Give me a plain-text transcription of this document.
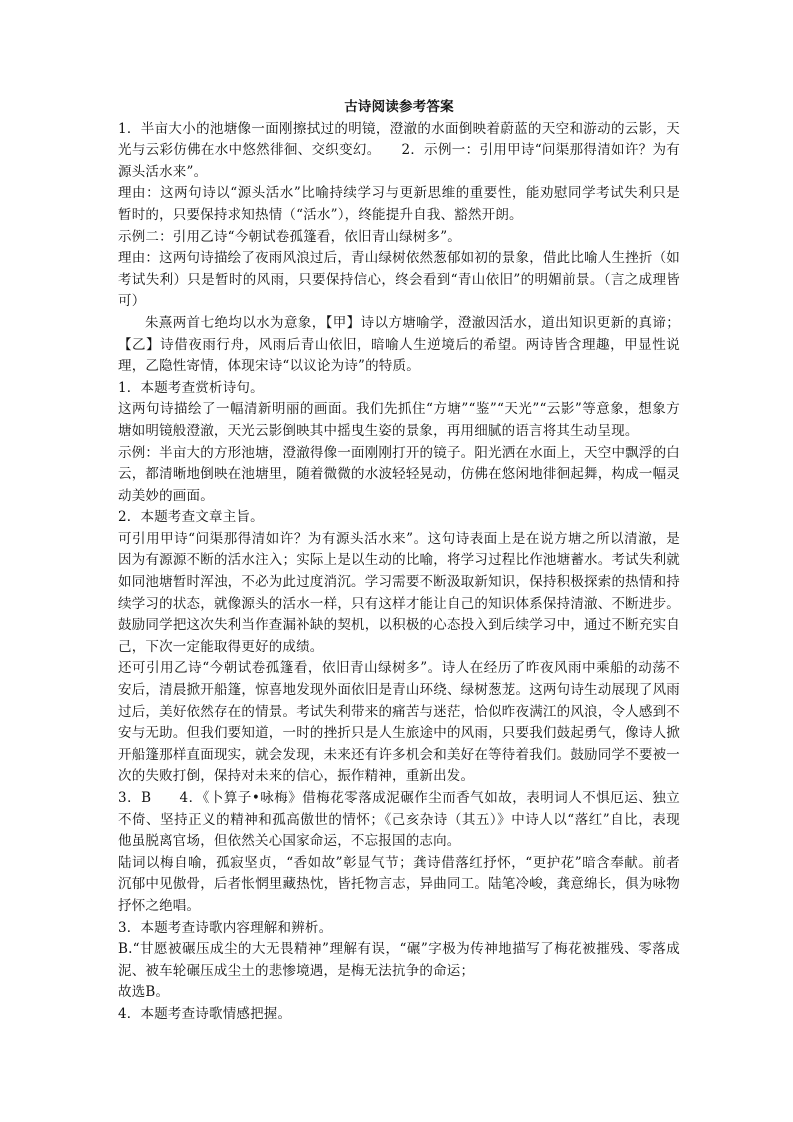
古诗阅读参考答案

1．半亩大小的池塘像一面刚擦拭过的明镜，澄澈的水面倒映着蔚蓝的天空和游动的云影，天光与云彩仿佛在水中悠然徘徊、交织变幻。　　2．示例一：引用甲诗“问渠那得清如许？为有源头活水来”。

理由：这两句诗以“源头活水”比喻持续学习与更新思维的重要性，能劝慰同学考试失利只是暂时的，只要保持求知热情（“活水”），终能提升自我、豁然开朗。

示例二：引用乙诗“今朝试卷孤篷看，依旧青山绿树多”。

理由：这两句诗描绘了夜雨风浪过后，青山绿树依然葱郁如初的景象，借此比喻人生挫折（如考试失利）只是暂时的风雨，只要保持信心，终会看到“青山依旧”的明媚前景。（言之成理皆可）

朱熹两首七绝均以水为意象，【甲】诗以方塘喻学，澄澈因活水，道出知识更新的真谛；【乙】诗借夜雨行舟，风雨后青山依旧，暗喻人生逆境后的希望。两诗皆含理趣，甲显性说理，乙隐性寄情，体现宋诗“以议论为诗”的特质。

1．本题考查赏析诗句。

这两句诗描绘了一幅清新明丽的画面。我们先抓住“方塘”“鉴”“天光”“云影”等意象，想象方塘如明镜般澄澈，天光云影倒映其中摇曳生姿的景象，再用细腻的语言将其生动呈现。

示例：半亩大的方形池塘，澄澈得像一面刚刚打开的镜子。阳光洒在水面上，天空中飘浮的白云，都清晰地倒映在池塘里，随着微微的水波轻轻晃动，仿佛在悠闲地徘徊起舞，构成一幅灵动美妙的画面。

2．本题考查文章主旨。

可引用甲诗“问渠那得清如许？为有源头活水来”。这句诗表面上是在说方塘之所以清澈，是因为有源源不断的活水注入；实际上是以生动的比喻，将学习过程比作池塘蓄水。考试失利就如同池塘暂时浑浊，不必为此过度消沉。学习需要不断汲取新知识，保持积极探索的热情和持续学习的状态，就像源头的活水一样，只有这样才能让自己的知识体系保持清澈、不断进步。鼓励同学把这次失利当作查漏补缺的契机，以积极的心态投入到后续学习中，通过不断充实自己，下次一定能取得更好的成绩。

还可引用乙诗“今朝试卷孤篷看，依旧青山绿树多”。诗人在经历了昨夜风雨中乘船的动荡不安后，清晨掀开船篷，惊喜地发现外面依旧是青山环绕、绿树葱茏。这两句诗生动展现了风雨过后，美好依然存在的情景。考试失利带来的痛苦与迷茫，恰似昨夜满江的风浪，令人感到不安与无助。但我们要知道，一时的挫折只是人生旅途中的风雨，只要我们鼓起勇气，像诗人掀开船篷那样直面现实，就会发现，未来还有许多机会和美好在等待着我们。鼓励同学不要被一次的失败打倒，保持对未来的信心，振作精神，重新出发。

3．B　　4．《卜算子•咏梅》借梅花零落成泥碾作尘而香气如故，表明词人不惧厄运、独立不倚、坚持正义的精神和孤高傲世的情怀；《己亥杂诗（其五）》中诗人以“落红”自比，表现他虽脱离官场，但依然关心国家命运，不忘报国的志向。

陆词以梅自喻，孤寂坚贞，“香如故”彰显气节；龚诗借落红抒怀，“更护花”暗含奉献。前者沉郁中见傲骨，后者怅惘里藏热忱，皆托物言志，异曲同工。陆笔冷峻，龚意绵长，俱为咏物抒怀之绝唱。

3．本题考查诗歌内容理解和辨析。

B.“甘愿被碾压成尘的大无畏精神”理解有误，“碾”字极为传神地描写了梅花被摧残、零落成泥、被车轮碾压成尘土的悲惨境遇，是梅无法抗争的命运；

故选B。

4．本题考查诗歌情感把握。
